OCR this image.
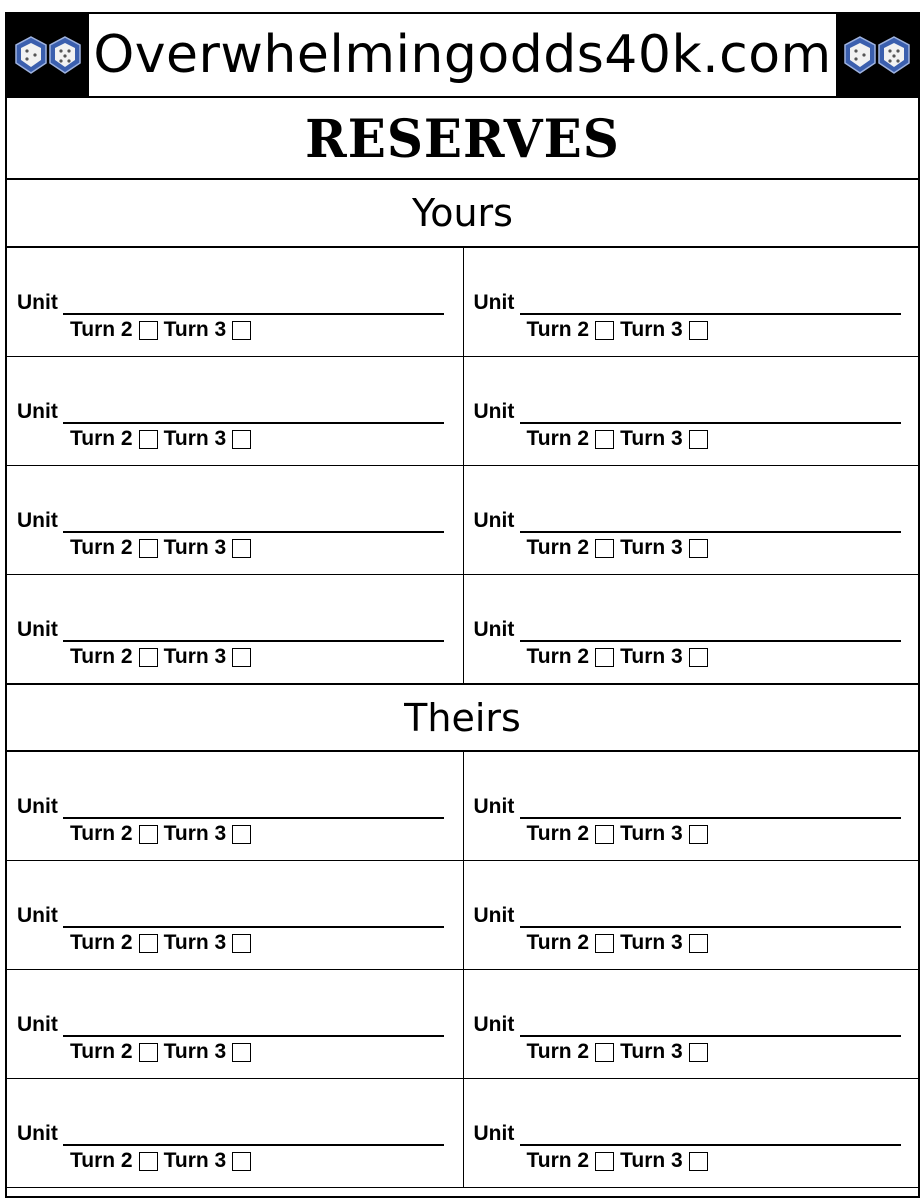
Overwhelmingodds40k.com
RESERVES
Yours
Unit
Turn 2 Turn 3
Unit
Turn 2 Turn 3
Unit
Turn 2 Turn 3
Unit
Turn 2 Turn 3
Unit
Turn 2 Turn 3
Unit
Turn 2 Turn 3
Unit
Turn 2 Turn 3
Unit
Turn 2 Turn 3
Theirs
Unit
Turn 2 Turn 3
Unit
Turn 2 Turn 3
Unit
Turn 2 Turn 3
Unit
Turn 2 Turn 3
Unit
Turn 2 Turn 3
Unit
Turn 2 Turn 3
Unit
Turn 2 Turn 3
Unit
Turn 2 Turn 3
